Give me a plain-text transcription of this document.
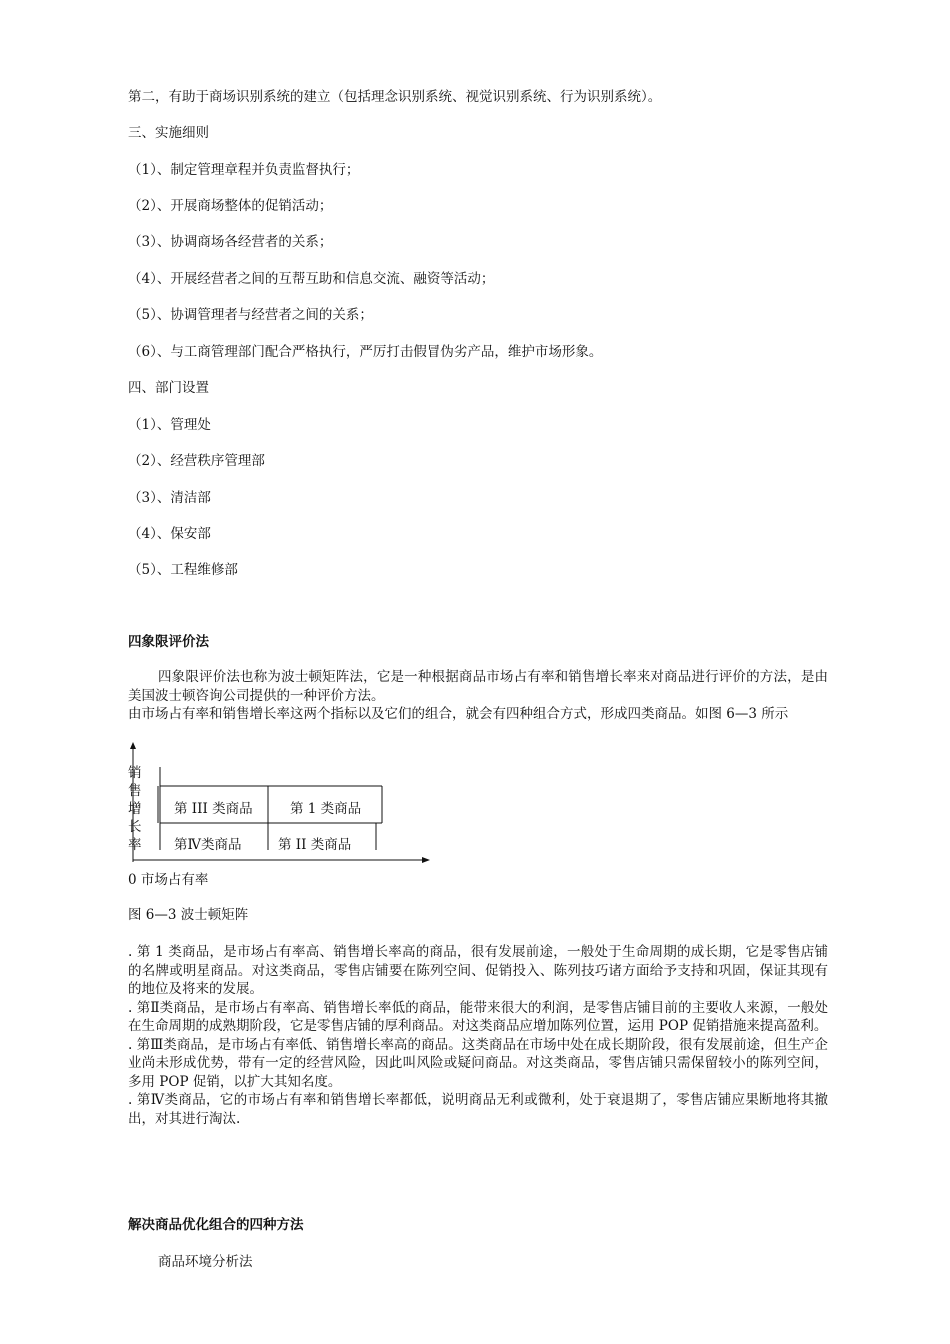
第二，有助于商场识别系统的建立（包括理念识别系统、视觉识别系统、行为识别系统）。
三、实施细则
（1）、制定管理章程并负责监督执行；
（2）、开展商场整体的促销活动；
（3）、协调商场各经营者的关系；
（4）、开展经营者之间的互帮互助和信息交流、融资等活动；
（5）、协调管理者与经营者之间的关系；
（6）、与工商管理部门配合严格执行，严厉打击假冒伪劣产品，维护市场形象。
四、部门设置
（1）、管理处
（2）、经营秩序管理部
（3）、清洁部
（4）、保安部
（5）、工程维修部
四象限评价法

四象限评价法也称为波士顿矩阵法，它是一种根据商品市场占有率和销售增长率来对商品进行评价的方法，是由美国波士顿咨询公司提供的一种评价方法。

由市场占有率和销售增长率这两个指标以及它们的组合，就会有四种组合方式，形成四类商品。如图 6—3 所示

销
售
增
长
率
第 III 类商品	第 1 类商品
第Ⅳ类商品	第 II 类商品
0 市场占有率
图 6—3 波士顿矩阵

. 第 1 类商品，是市场占有率高、销售增长率高的商品，很有发展前途，一般处于生命周期的成长期，它是零售店铺的名牌或明星商品。对这类商品，零售店铺要在陈列空间、促销投入、陈列技巧诸方面给予支持和巩固，保证其现有的地位及将来的发展。

. 第Ⅱ类商品，是市场占有率高、销售增长率低的商品，能带来很大的利润，是零售店铺目前的主要收人来源，一般处在生命周期的成熟期阶段，它是零售店铺的厚利商品。对这类商品应增加陈列位置，运用 POP 促销措施来提高盈利。

. 第Ⅲ类商品，是市场占有率低、销售增长率高的商品。这类商品在市场中处在成长期阶段，很有发展前途，但生产企业尚未形成优势，带有一定的经营风险，因此叫风险或疑问商品。对这类商品，零售店铺只需保留较小的陈列空间，多用 POP 促销，以扩大其知名度。

. 第Ⅳ类商品，它的市场占有率和销售增长率都低，说明商品无利或微利，处于衰退期了，零售店铺应果断地将其撤出，对其进行淘汰.

解决商品优化组合的四种方法
商品环境分析法
